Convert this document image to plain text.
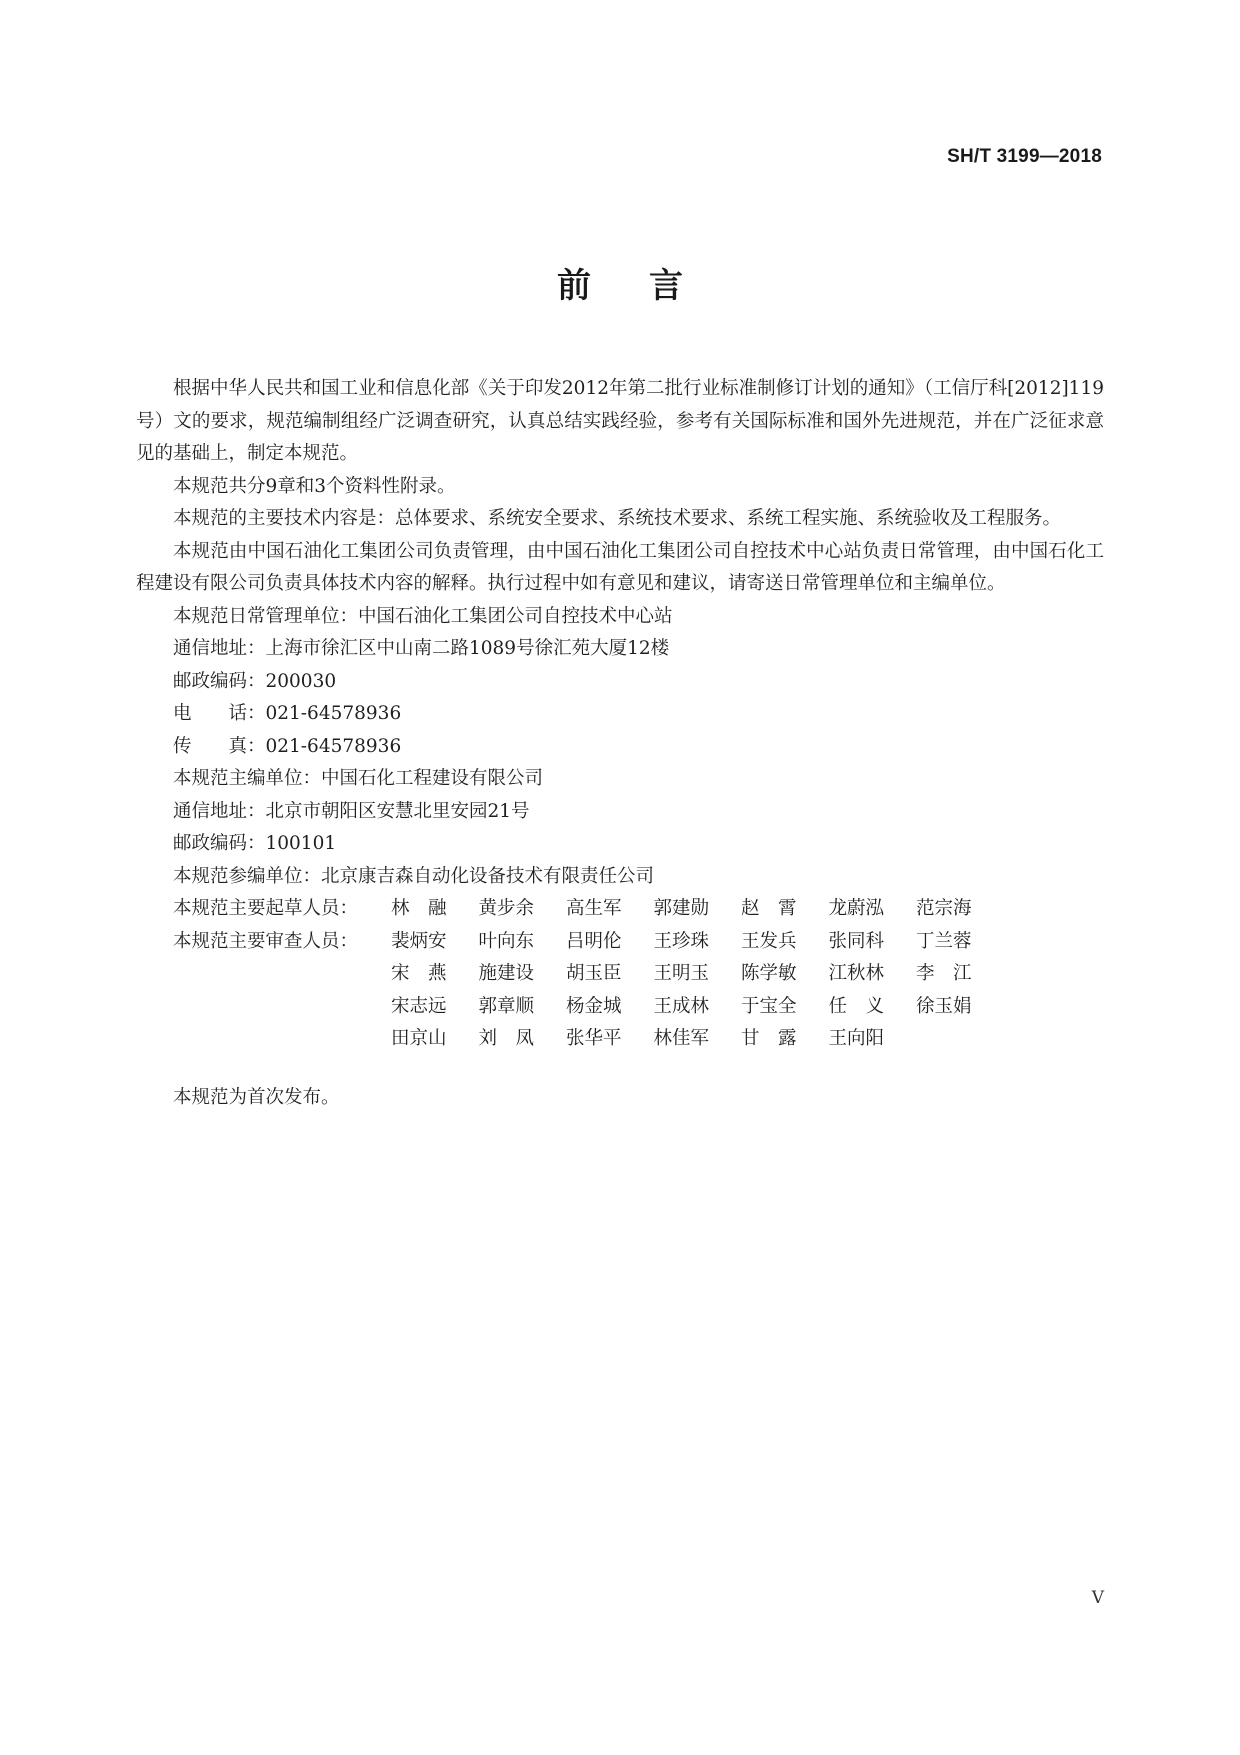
SH/T 3199—2018
前言

根据中华人民共和国工业和信息化部《关于印发2012年第二批行业标准制修订计划的通知》（工信厅科[2012]119号）文的要求，规范编制组经广泛调查研究，认真总结实践经验，参考有关国际标准和国外先进规范，并在广泛征求意见的基础上，制定本规范。

本规范共分9章和3个资料性附录。

本规范的主要技术内容是：总体要求、系统安全要求、系统技术要求、系统工程实施、系统验收及工程服务。

本规范由中国石油化工集团公司负责管理，由中国石油化工集团公司自控技术中心站负责日常管理，由中国石化工程建设有限公司负责具体技术内容的解释。执行过程中如有意见和建议，请寄送日常管理单位和主编单位。

本规范日常管理单位：中国石油化工集团公司自控技术中心站

通信地址：上海市徐汇区中山南二路1089号徐汇苑大厦12楼

邮政编码：200030

电　　话：021-64578936

传　　真：021-64578936

本规范主编单位：中国石化工程建设有限公司

通信地址：北京市朝阳区安慧北里安园21号

邮政编码：100101

本规范参编单位：北京康吉森自动化设备技术有限责任公司

本规范主要起草人员：	林　融	黄步余	高生军	郭建勋	赵　霄	龙蔚泓	范宗海
本规范主要审查人员：	裴炳安	叶向东	吕明伦	王珍珠	王发兵	张同科	丁兰蓉
宋　燕	施建设	胡玉臣	王明玉	陈学敏	江秋林	李　江
宋志远	郭章顺	杨金城	王成林	于宝全	任　义	徐玉娟
田京山	刘　凤	张华平	林佳军	甘　露	王向阳

本规范为首次发布。

V
